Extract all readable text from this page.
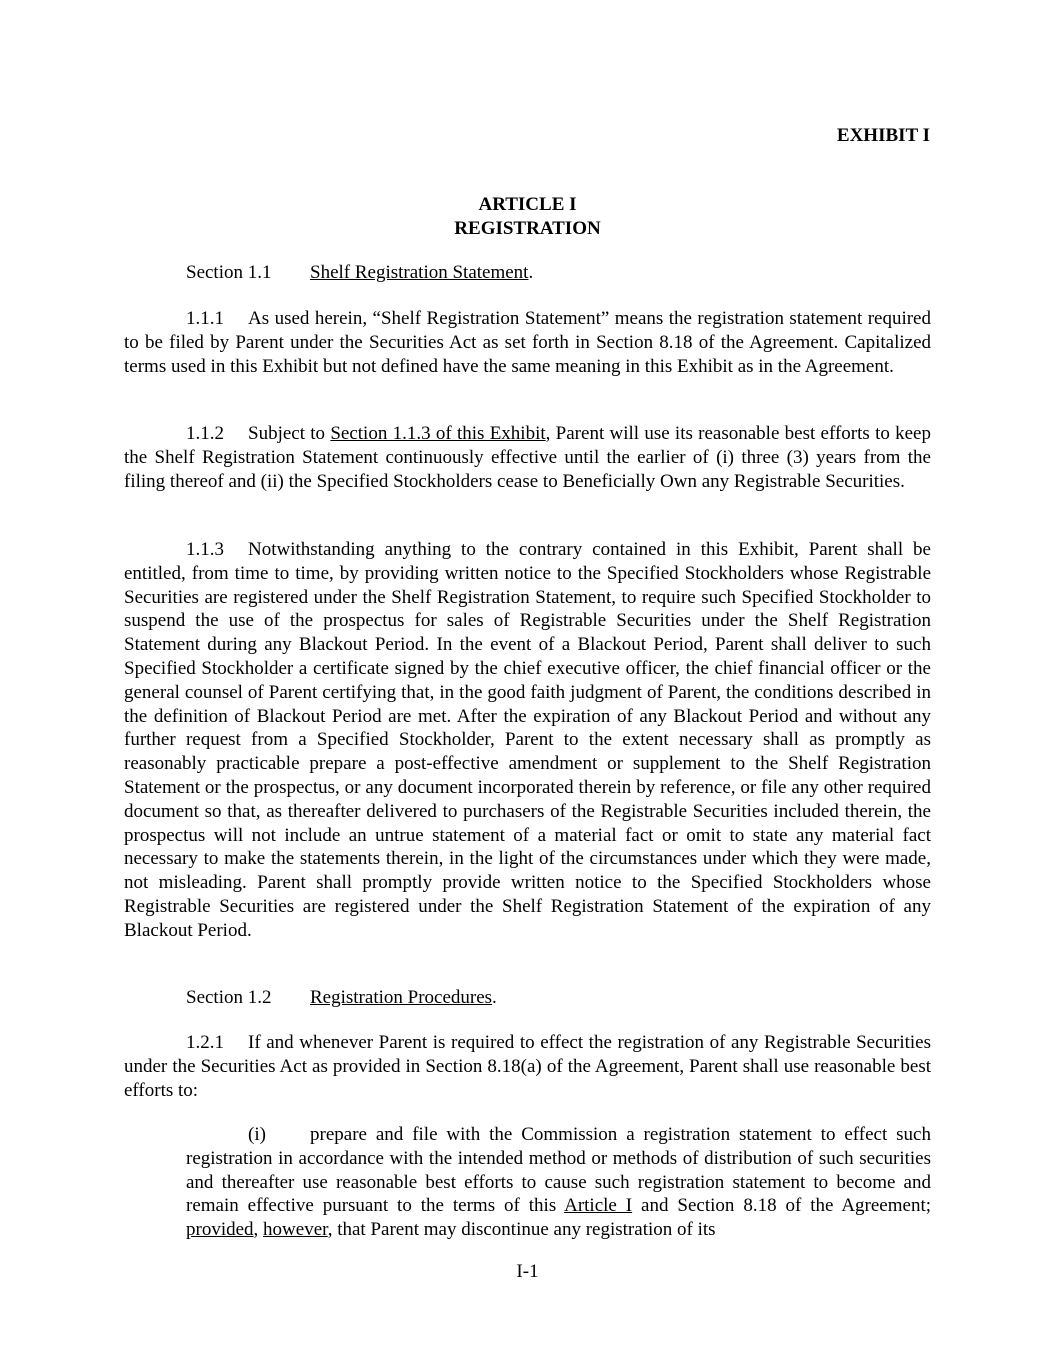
EXHIBIT I

ARTICLE I
REGISTRATION

Section 1.1 Shelf Registration Statement.

1.1.1 As used herein, “Shelf Registration Statement” means the registration statement required to be filed by Parent under the Securities Act as set forth in Section 8.18 of the Agreement. Capitalized terms used in this Exhibit but not defined have the same meaning in this Exhibit as in the Agreement.

1.1.2 Subject to Section 1.1.3 of this Exhibit, Parent will use its reasonable best efforts to keep the Shelf Registration Statement continuously effective until the earlier of (i) three (3) years from the filing thereof and (ii) the Specified Stockholders cease to Beneficially Own any Registrable Securities.

1.1.3 Notwithstanding anything to the contrary contained in this Exhibit, Parent shall be entitled, from time to time, by providing written notice to the Specified Stockholders whose Registrable Securities are registered under the Shelf Registration Statement, to require such Specified Stockholder to suspend the use of the prospectus for sales of Registrable Securities under the Shelf Registration Statement during any Blackout Period. In the event of a Blackout Period, Parent shall deliver to such Specified Stockholder a certificate signed by the chief executive officer, the chief financial officer or the general counsel of Parent certifying that, in the good faith judgment of Parent, the conditions described in the definition of Blackout Period are met. After the expiration of any Blackout Period and without any further request from a Specified Stockholder, Parent to the extent necessary shall as promptly as reasonably practicable prepare a post-effective amendment or supplement to the Shelf Registration Statement or the prospectus, or any document incorporated therein by reference, or file any other required document so that, as thereafter delivered to purchasers of the Registrable Securities included therein, the prospectus will not include an untrue statement of a material fact or omit to state any material fact necessary to make the statements therein, in the light of the circumstances under which they were made, not misleading. Parent shall promptly provide written notice to the Specified Stockholders whose Registrable Securities are registered under the Shelf Registration Statement of the expiration of any Blackout Period.

Section 1.2 Registration Procedures.

1.2.1 If and whenever Parent is required to effect the registration of any Registrable Securities under the Securities Act as provided in Section 8.18(a) of the Agreement, Parent shall use reasonable best efforts to:

(i) prepare and file with the Commission a registration statement to effect such registration in accordance with the intended method or methods of distribution of such securities and thereafter use reasonable best efforts to cause such registration statement to become and remain effective pursuant to the terms of this Article I and Section 8.18 of the Agreement; provided, however, that Parent may discontinue any registration of its

I-1
